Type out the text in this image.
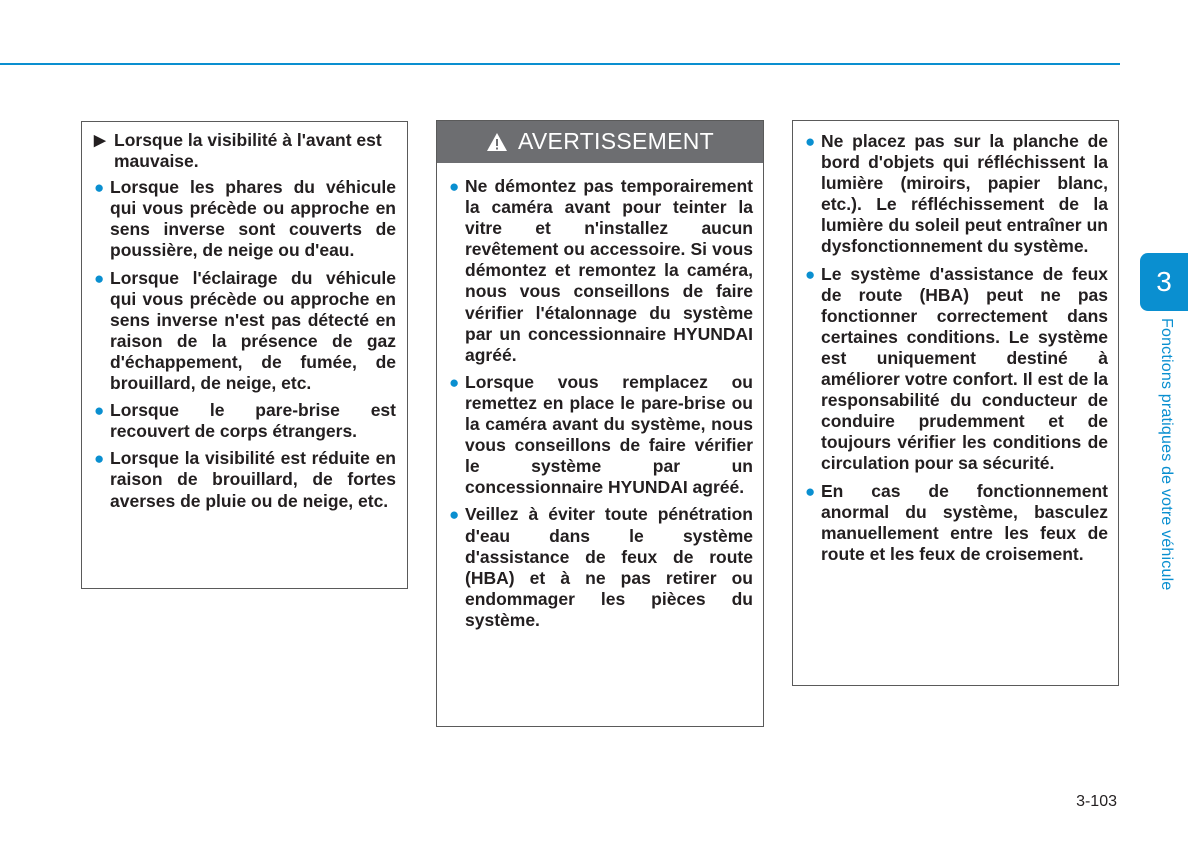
▶ Lorsque la visibilité à l'avant est mauvaise.
● Lorsque les phares du véhicule qui vous précède ou approche en sens inverse sont couverts de poussière, de neige ou d'eau.
● Lorsque l'éclairage du véhicule qui vous précède ou approche en sens inverse n'est pas détecté en raison de la présence de gaz d'échappement, de fumée, de brouillard, de neige, etc.
● Lorsque le pare-brise est recouvert de corps étrangers.
● Lorsque la visibilité est réduite en raison de brouillard, de fortes averses de pluie ou de neige, etc.
AVERTISSEMENT
● Ne démontez pas temporairement la caméra avant pour teinter la vitre et n'installez aucun revêtement ou accessoire. Si vous démontez et remontez la caméra, nous vous conseillons de faire vérifier l'étalonnage du système par un concessionnaire HYUNDAI agréé.
● Lorsque vous remplacez ou remettez en place le pare-brise ou la caméra avant du système, nous vous conseillons de faire vérifier le système par un concessionnaire HYUNDAI agréé.
● Veillez à éviter toute pénétration d'eau dans le système d'assistance de feux de route (HBA) et à ne pas retirer ou endommager les pièces du système.
● Ne placez pas sur la planche de bord d'objets qui réfléchissent la lumière (miroirs, papier blanc, etc.). Le réfléchissement de la lumière du soleil peut entraîner un dysfonctionnement du système.
● Le système d'assistance de feux de route (HBA) peut ne pas fonctionner correctement dans certaines conditions. Le système est uniquement destiné à améliorer votre confort. Il est de la responsabilité du conducteur de conduire prudemment et de toujours vérifier les conditions de circulation pour sa sécurité.
● En cas de fonctionnement anormal du système, basculez manuellement entre les feux de route et les feux de croisement.
3
Fonctions pratiques de votre véhicule
3-103
